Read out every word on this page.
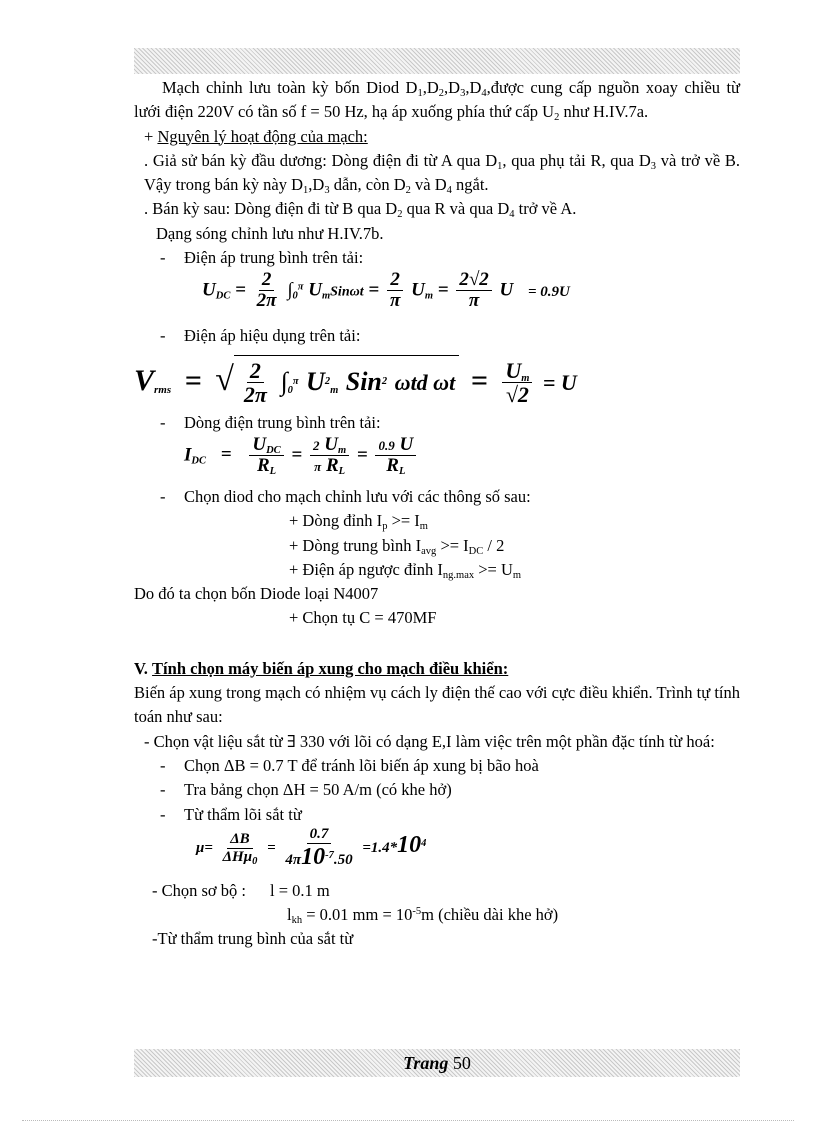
Mạch chỉnh lưu toàn kỳ bốn Diod $D_1,D_2,D_3,D_4,được$ cung cấp nguồn xoay chiều từ lưới điện 220V có tần số f = 50 Hz, hạ áp xuống phía thứ cấp $U_2$ như H.IV.7a.

+ Nguyên lý hoạt động của mạch:

. Giả sử bán kỳ đầu dương: Dòng điện đi từ A qua $D_1$, qua phụ tải R, qua $D_3$ và trở về B. Vậy trong bán kỳ này $D_1,D_3$ dẫn, còn $D_2$ và $D_4$ ngắt.

. Bán kỳ sau: Dòng điện đi từ B qua $D_2$ qua R và qua $D_4$ trở về A.

Dạng sóng chỉnh lưu như H.IV.7b.

-	Điện áp trung bình trên tải:
$U_{DC} = \frac{2}{2\pi} \int_0^\pi$ $U_mSin\omega t = \frac{2}{\pi} U_m = \frac{2√2}{\pi}$ U = 0.9U
-	Điện áp hiệu dụng trên tải:
$V_{rms}$ = √ $\frac{2}{2\pi} \int_0^\pi$ $U^2_m$ Sin$^2$ ωtd $\omega t = \frac{U_m}{√2} = U$
-	Dòng điện trung bình trên tải:
$I_{DC} = \frac{U_{DC}}{R_L} = \frac{2 U_m}{\pi R_L} = \frac{0.9 U}{R_L}$
-	Chọn diod cho mạch chỉnh lưu với các thông số sau:

+ Dòng đỉnh $I_p >= I_m$

+ Dòng trung bình $I_{avg} >= I_{DC} / 2$

+ Điện áp ngược đỉnh $I_{ng.max} >= U_m$

Do đó ta chọn bốn Diode loại N4007

+ Chọn tụ C = 470MF

V. Tính chọn máy biến áp xung cho mạch điều khiển:

Biến áp xung trong mạch có nhiệm vụ cách ly điện thế cao với cực điều khiển. Trình tự tính toán như sau:

- Chọn vật liệu sắt từ ∃ 330 với lõi có dạng E,I làm việc trên một phần đặc tính từ hoá:

-	Chọn ΔB = 0.7 T để tránh lõi biến áp xung bị bão hoà
-	Tra bảng chọn ΔH = 50 A/m (có khe hở)
-	Từ thẩm lõi sắt từ
$\mu= \frac{\Delta B}{\Delta H\mu_0} = \frac{0.7}{4\pi 10^{-7}.50} =1.4*10^4$

- Chọn sơ bộ : l = 0.1 m

$l_{kh} = 0.01$ mm = $10^{-5}m$ (chiều dài khe hở)

-Từ thẩm trung bình của sắt từ

Trang 50
